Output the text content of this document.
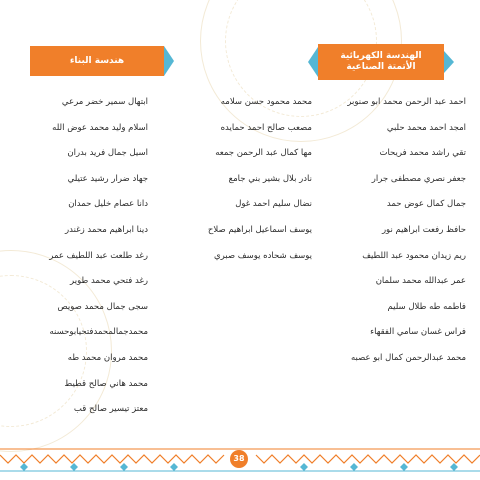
هندسة البناء	الهندسة الكهربائية
الأتمتة الصناعية
احمد عبد الرحمن محمد ابو صنوبر
امجد احمد محمد حلبي
تقي راشد محمد فريحات
جعفر نصري مصطفى جرار
جمال كمال عوض حمد
حافظ رفعت ابراهيم نور
ريم زيدان محمود عبد اللطيف
عمر عبدالله محمد سلمان
فاطمه طه طلال سليم
فراس غسان سامي الفقهاء
محمد عبدالرحمن كمال ابو عصبه
محمد محمود حسن سلامه
مصعب صالح احمد حمايده
مها كمال عبد الرحمن جمعه
نادر بلال بشير بني جامع
نضال سليم احمد غول
يوسف اسماعيل ابراهيم صلاح
يوسف شحاده يوسف صبري
ابتهال سمير خضر مرعي
اسلام وليد محمد عوض الله
اسيل جمال فريد بدران
جهاد ضرار رشيد عتيلي
دانا عصام خليل حمدان
دينا ابراهيم محمد زغندر
رغد طلعت عبد اللطيف عمر
رغد فتحي محمد طوير
سجى جمال محمد صويص
محمدجمالمحمدفتحيابوحسنه
محمد مروان محمد طه
محمد هاني صالح قطيط
معتز تيسير صالح قب
38
